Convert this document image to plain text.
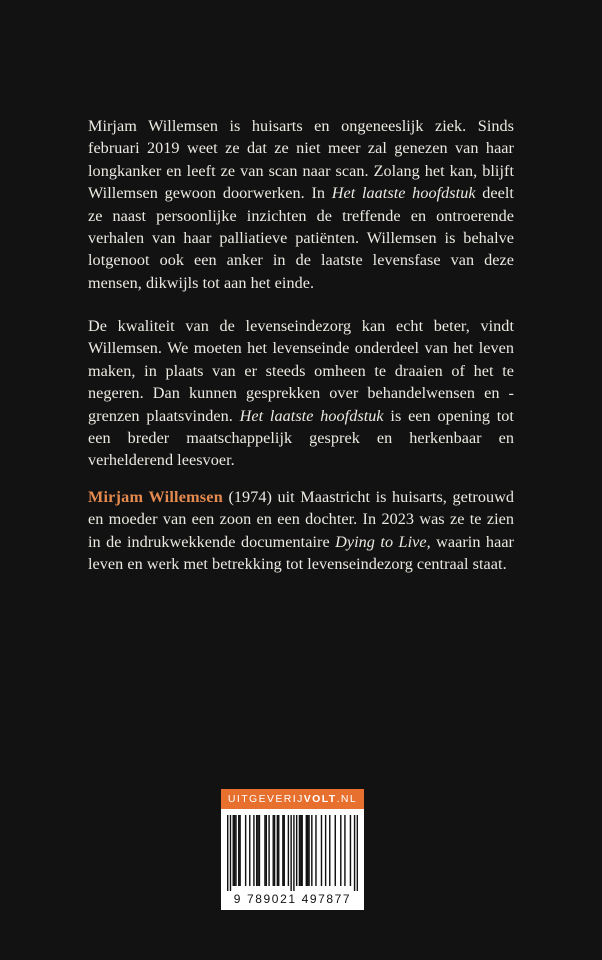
Mirjam Willemsen is huisarts en ongeneeslijk ziek. Sinds februari 2019 weet ze dat ze niet meer zal genezen van haar longkanker en leeft ze van scan naar scan. Zolang het kan, blijft Willemsen gewoon doorwerken. In Het laatste hoofdstuk deelt ze naast persoonlijke inzichten de treffende en ontroerende verhalen van haar palliatieve patiënten. Willemsen is behalve lotgenoot ook een anker in de laatste levensfase van deze mensen, dikwijls tot aan het einde.

De kwaliteit van de levenseindezorg kan echt beter, vindt Willemsen. We moeten het levenseinde onderdeel van het leven maken, in plaats van er steeds omheen te draaien of het te negeren. Dan kunnen gesprekken over behandelwensen en -grenzen plaatsvinden. Het laatste hoofdstuk is een opening tot een breder maatschappelijk gesprek en herkenbaar en verhelderend leesvoer.

Mirjam Willemsen (1974) uit Maastricht is huisarts, getrouwd en moeder van een zoon en een dochter. In 2023 was ze te zien in de indrukwekkende documentaire Dying to Live, waarin haar leven en werk met betrekking tot levenseindezorg centraal staat.

UITGEVERIJVOLT.NL
9 789021 497877
